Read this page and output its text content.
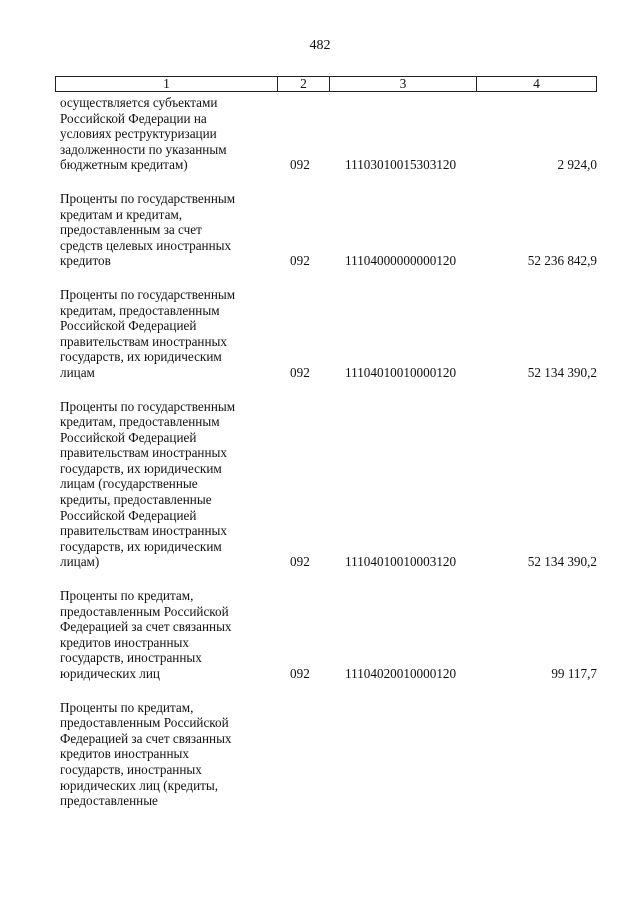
482
1	2	3	4
осуществляется субъектами
Российской Федерации на
условиях реструктуризации
задолженности по указанным
бюджетным кредитам)	092	11103010015303120	2 924,0
Проценты по государственным
кредитам и кредитам,
предоставленным за счет
средств целевых иностранных
кредитов	092	11104000000000120	52 236 842,9
Проценты по государственным
кредитам, предоставленным
Российской Федерацией
правительствам иностранных
государств, их юридическим
лицам	092	11104010010000120	52 134 390,2
Проценты по государственным
кредитам, предоставленным
Российской Федерацией
правительствам иностранных
государств, их юридическим
лицам (государственные
кредиты, предоставленные
Российской Федерацией
правительствам иностранных
государств, их юридическим
лицам)	092	11104010010003120	52 134 390,2
Проценты по кредитам,
предоставленным Российской
Федерацией за счет связанных
кредитов иностранных
государств, иностранных
юридических лиц	092	11104020010000120	99 117,7
Проценты по кредитам,
предоставленным Российской
Федерацией за счет связанных
кредитов иностранных
государств, иностранных
юридических лиц (кредиты,
предоставленные
